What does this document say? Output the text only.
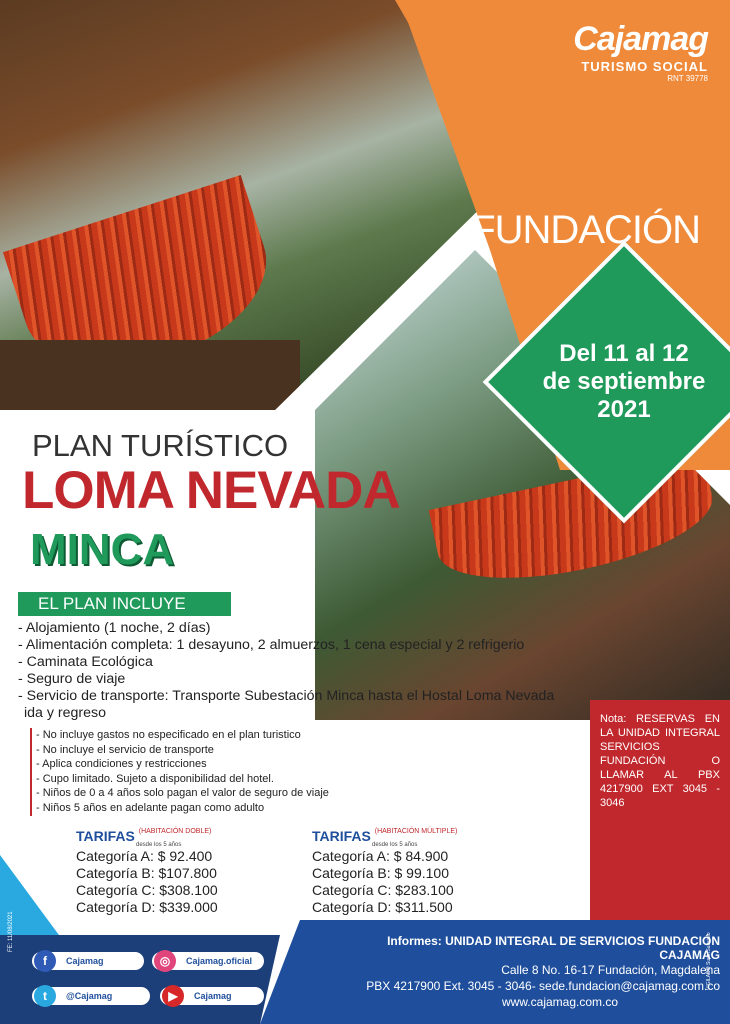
Cajamag
TURISMO SOCIAL
RNT 39778
FUNDACIÓN
Del 11 al 12
de septiembre
2021
PLAN TURÍSTICO
LOMA NEVADA
MINCA
EL PLAN INCLUYE
- Alojamiento (1 noche, 2 días)
- Alimentación completa: 1 desayuno, 2 almuerzos, 1 cena especial y 2 refrigerio
- Caminata Ecológica
- Seguro de viaje
- Servicio de transporte: Transporte Subestación Minca hasta el Hostal Loma Nevada
ida y regreso
- No incluye gastos no especificado en el plan turistico
- No incluye el servicio de transporte
- Aplica condiciones y restricciones
- Cupo limitado. Sujeto a disponibilidad del hotel.
- Niños de 0 a 4 años solo pagan el valor de seguro de viaje
- Niños 5 años en adelante pagan como adulto
TARIFAS $^{(HABITACIÓN DOBLE)}$
desde los 5 años
Categoría A: $ 92.400
Categoría B: $107.800
Categoría C: $308.100
Categoría D: $339.000
TARIFAS $^{(HABITACIÓN MÚLTIPLE)}$
desde los 5 años
Categoría A: $ 84.900
Categoría B: $ 99.100
Categoría C: $283.100
Categoría D: $311.500
Nota: RESERVAS EN LA UNIDAD INTEGRAL SERVICIOS FUNDACIÓN O LLAMAR AL PBX 4217900 EXT 3045 - 3046
FE: 11/08/2021
f	Cajamag	◎	Cajamag.oficial
t	@Cajamag	▶	Cajamag
Informes: UNIDAD INTEGRAL DE SERVICIOS FUNDACIÓN CAJAMAG
Calle 8 No. 16-17 Fundación, Magdalena
PBX 4217900 Ext. 3045 - 3046- sede.fundacion@cajamag.com.co
www.cajamag.com.co
VIGILADO SuperSubsidio
